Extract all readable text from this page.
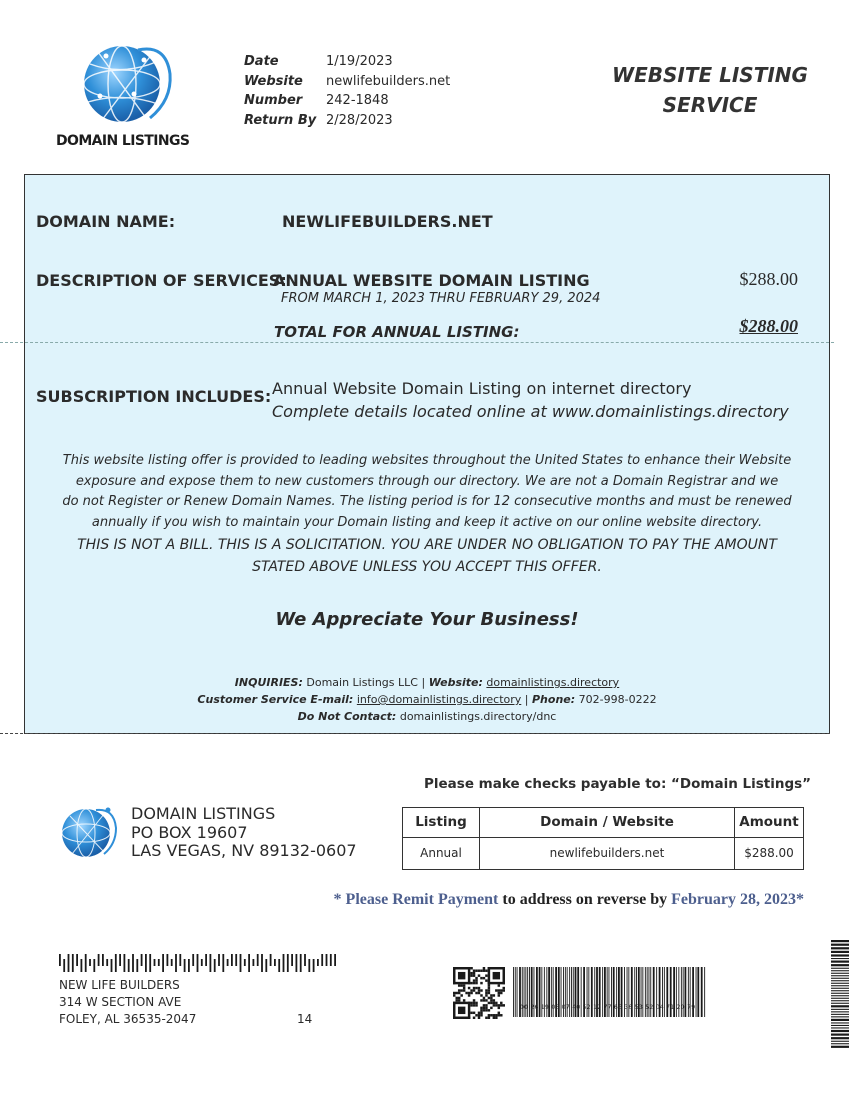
DOMAIN LISTINGS
Date	1/19/2023
Website	newlifebuilders.net
Number	242-1848
Return By 2/28/2023
WEBSITE LISTING
SERVICE
DOMAIN NAME:	NEWLIFEBUILDERS.NET
DESCRIPTION OF SERVICES:
ANNUAL WEBSITE DOMAIN LISTING
FROM MARCH 1, 2023 THRU FEBRUARY 29, 2024
$288.00
TOTAL FOR ANNUAL LISTING:	$288.00
SUBSCRIPTION INCLUDES: Annual Website Domain Listing on internet directory
Complete details located online at www.domainlistings.directory
This website listing offer is provided to leading websites throughout the United States to enhance their Website
exposure and expose them to new customers through our directory. We are not a Domain Registrar and we
do not Register or Renew Domain Names. The listing period is for 12 consecutive months and must be renewed
annually if you wish to maintain your Domain listing and keep it active on our online website directory.
THIS IS NOT A BILL. THIS IS A SOLICITATION. YOU ARE UNDER NO OBLIGATION TO PAY THE AMOUNT
STATED ABOVE UNLESS YOU ACCEPT THIS OFFER.
We Appreciate Your Business!
INQUIRIES: Domain Listings LLC | Website: domainlistings.directory
Customer Service E-mail: info@domainlistings.directory | Phone: 702-998-0222
Do Not Contact: domainlistings.directory/dnc
Please make checks payable to: “Domain Listings”
DOMAIN LISTINGS
PO BOX 19607
LAS VEGAS, NV 89132-0607
Listing	Domain / Website	Amount
Annual	newlifebuilders.net	$288.00
* Please Remit Payment to address on reverse by February 28, 2023*
NEW LIFE BUILDERS
314 W SECTION AVE
FOLEY, AL 36535-2047	14
00 26 19 03 07 40 52 12 77 66 36 53 52 04 71 20 79
